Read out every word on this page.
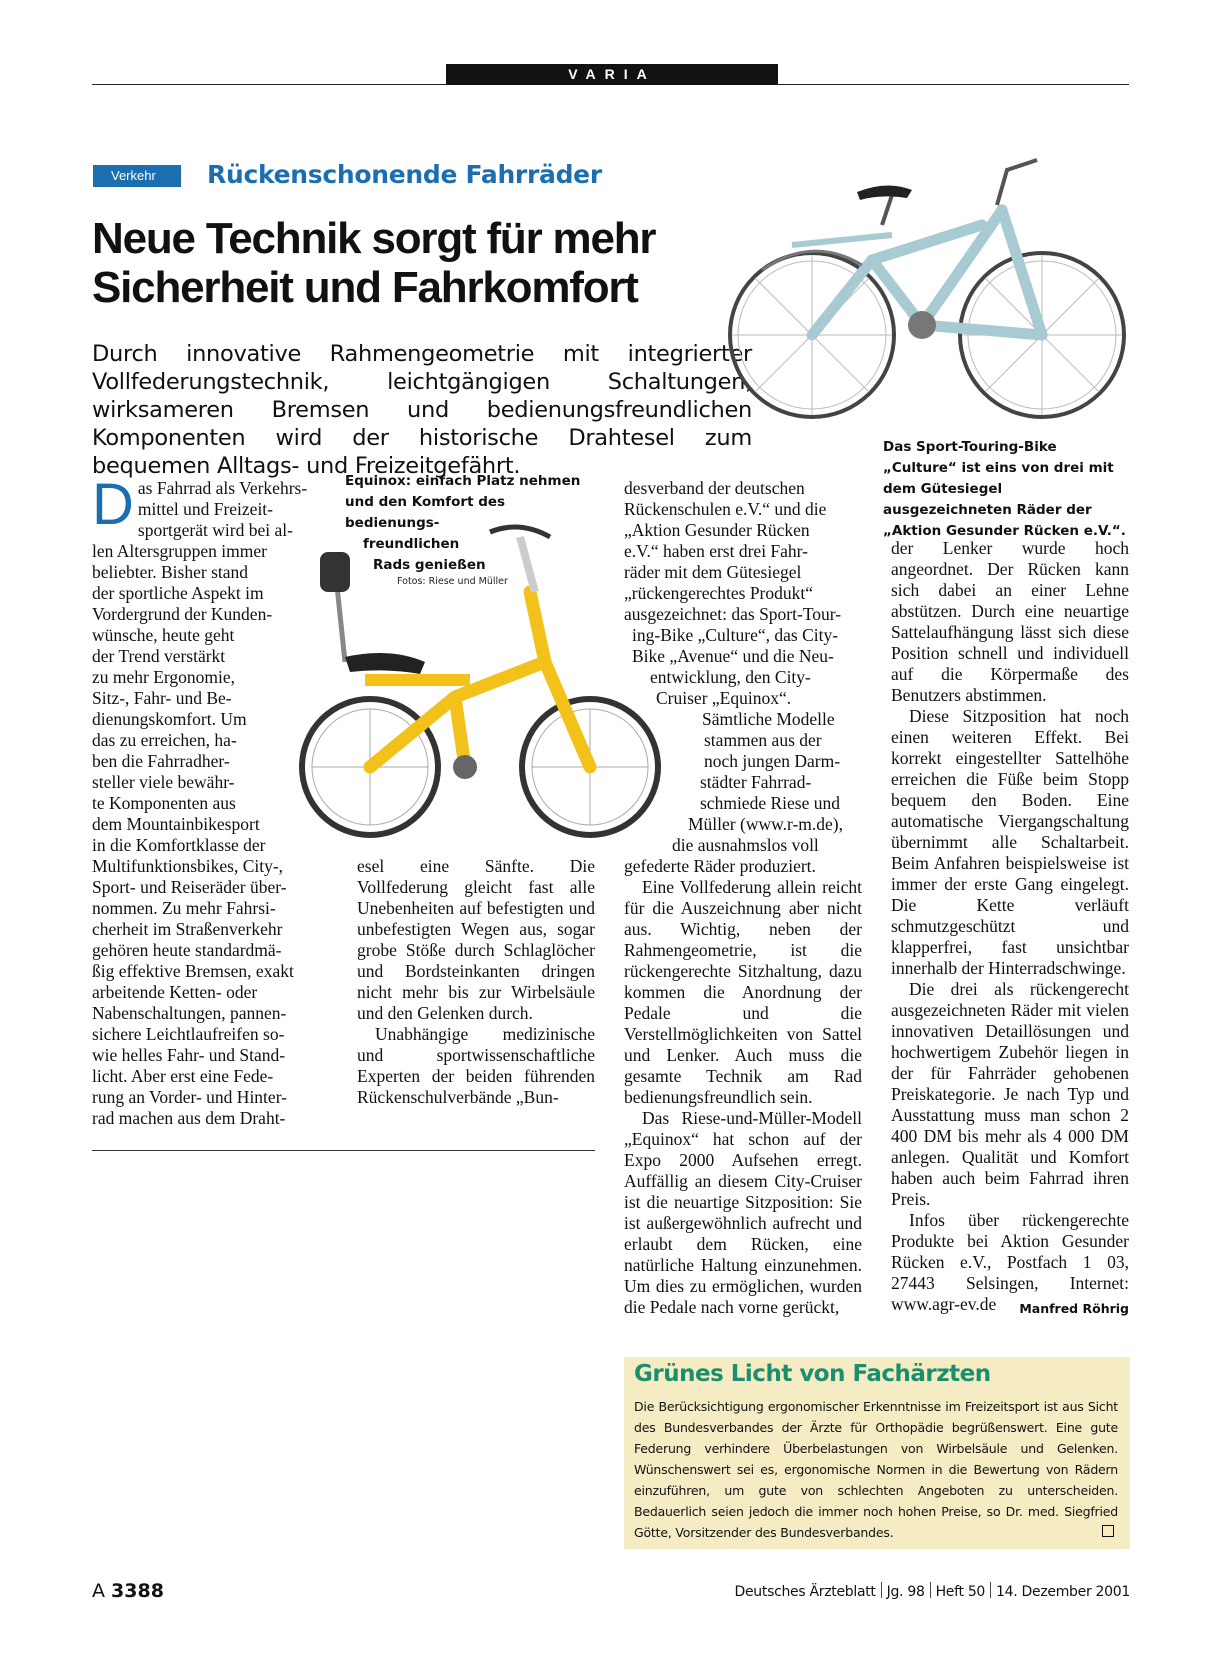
VARIA
Verkehr	Rückenschonende Fahrräder
Neue Technik sorgt für mehr
Sicherheit und Fahrkomfort
Durch innovative Rahmengeometrie mit integrierter Vollfederungstechnik, leichtgängigen Schaltungen, wirksameren Bremsen und bedienungsfreundlichen Komponenten wird der historische Drahtesel zum bequemen Alltags- und Freizeitgefährt.
Das Sport-Touring-Bike „Culture“ ist eins von drei mit dem Gütesiegel ausgezeichneten Räder der „Aktion Gesunder Rücken e.V.“.
Equinox: einfach Platz nehmen
und den Komfort des
bedienungs-
freundlichen
Rads genießen
Fotos: Riese und Müller
D as Fahrrad als Verkehrs-
mittel und Freizeit-
sportgerät wird bei al-
len Altersgruppen immer
beliebter. Bisher stand
der sportliche Aspekt im
Vordergrund der Kunden-
wünsche, heute geht
der Trend verstärkt
zu mehr Ergonomie,
Sitz-, Fahr- und Be-
dienungskomfort. Um
das zu erreichen, ha-
ben die Fahrradher-
steller viele bewähr-
te Komponenten aus
dem Mountainbikesport
in die Komfortklasse der
Multifunktionsbikes, City-,
Sport- und Reiseräder über-
nommen. Zu mehr Fahrsi-
cherheit im Straßenverkehr
gehören heute standardmä-
ßig effektive Bremsen, exakt
arbeitende Ketten- oder
Nabenschaltungen, pannen-
sichere Leichtlaufreifen so-
wie helles Fahr- und Stand-
licht. Aber erst eine Fede-
rung an Vorder- und Hinter-
rad machen aus dem Draht-

esel eine Sänfte. Die Vollfederung gleicht fast alle Unebenheiten auf befestigten und unbefestigten Wegen aus, sogar grobe Stöße durch Schlaglöcher und Bordsteinkanten dringen nicht mehr bis zur Wirbelsäule und den Gelenken durch.

Unabhängige medizinische und sportwissenschaftliche Experten der beiden führenden Rückenschulverbände „Bun-

desverband der deutschen
Rückenschulen e.V.“ und die
„Aktion Gesunder Rücken
e.V.“ haben erst drei Fahr-
räder mit dem Gütesiegel
„rückengerechtes Produkt“
ausgezeichnet: das Sport-Tour-
ing-Bike „Culture“, das City-
Bike „Avenue“ und die Neu-
entwicklung, den City-
Cruiser „Equinox“.
Sämtliche Modelle
stammen aus der
noch jungen Darm-
städter Fahrrad-
schmiede Riese und
Müller (www.r-m.de),
die ausnahmslos voll
gefederte Räder produziert.

Eine Vollfederung allein reicht für die Auszeichnung aber nicht aus. Wichtig, neben der Rahmengeometrie, ist die rückengerechte Sitzhaltung, dazu kommen die Anordnung der Pedale und die Verstellmöglichkeiten von Sattel und Lenker. Auch muss die gesamte Technik am Rad bedienungsfreundlich sein.

Das Riese-und-Müller-Modell „Equinox“ hat schon auf der Expo 2000 Aufsehen erregt. Auffällig an diesem City-Cruiser ist die neuartige Sitzposition: Sie ist außergewöhnlich aufrecht und erlaubt dem Rücken, eine natürliche Haltung einzunehmen. Um dies zu ermöglichen, wurden die Pedale nach vorne gerückt,

der Lenker wurde hoch angeordnet. Der Rücken kann sich dabei an einer Lehne abstützen. Durch eine neuartige Sattelaufhängung lässt sich diese Position schnell und individuell auf die Körpermaße des Benutzers abstimmen.

Diese Sitzposition hat noch einen weiteren Effekt. Bei korrekt eingestellter Sattelhöhe erreichen die Füße beim Stopp bequem den Boden. Eine automatische Viergangschaltung übernimmt alle Schaltarbeit. Beim Anfahren beispielsweise ist immer der erste Gang eingelegt. Die Kette verläuft schmutzgeschützt und klapperfrei, fast unsichtbar innerhalb der Hinterradschwinge.

Die drei als rückengerecht ausgezeichneten Räder mit vielen innovativen Detaillösungen und hochwertigem Zubehör liegen in der für Fahrräder gehobenen Preiskategorie. Je nach Typ und Ausstattung muss man schon 2 400 DM bis mehr als 4 000 DM anlegen. Qualität und Komfort haben auch beim Fahrrad ihren Preis.

Infos über rückengerechte Produkte bei Aktion Gesunder Rücken e.V., Postfach 1 03, 27443 Selsingen, Internet: www.agr-ev.de	Manfred Röhrig

Grünes Licht von Fachärzten
Die Berücksichtigung ergonomischer Erkenntnisse im Freizeitsport ist aus Sicht des Bundesverbandes der Ärzte für Orthopädie begrüßenswert. Eine gute Federung verhindere Überbelastungen von Wirbelsäule und Gelenken. Wünschenswert sei es, ergonomische Normen in die Bewertung von Rädern einzuführen, um gute von schlechten Angeboten zu unterscheiden. Bedauerlich seien jedoch die immer noch hohen Preise, so Dr. med. Siegfried Götte, Vorsitzender des Bundesverbandes.
A 3388	Deutsches Ärzteblatt Jg. 98 Heft 50 14. Dezember 2001
